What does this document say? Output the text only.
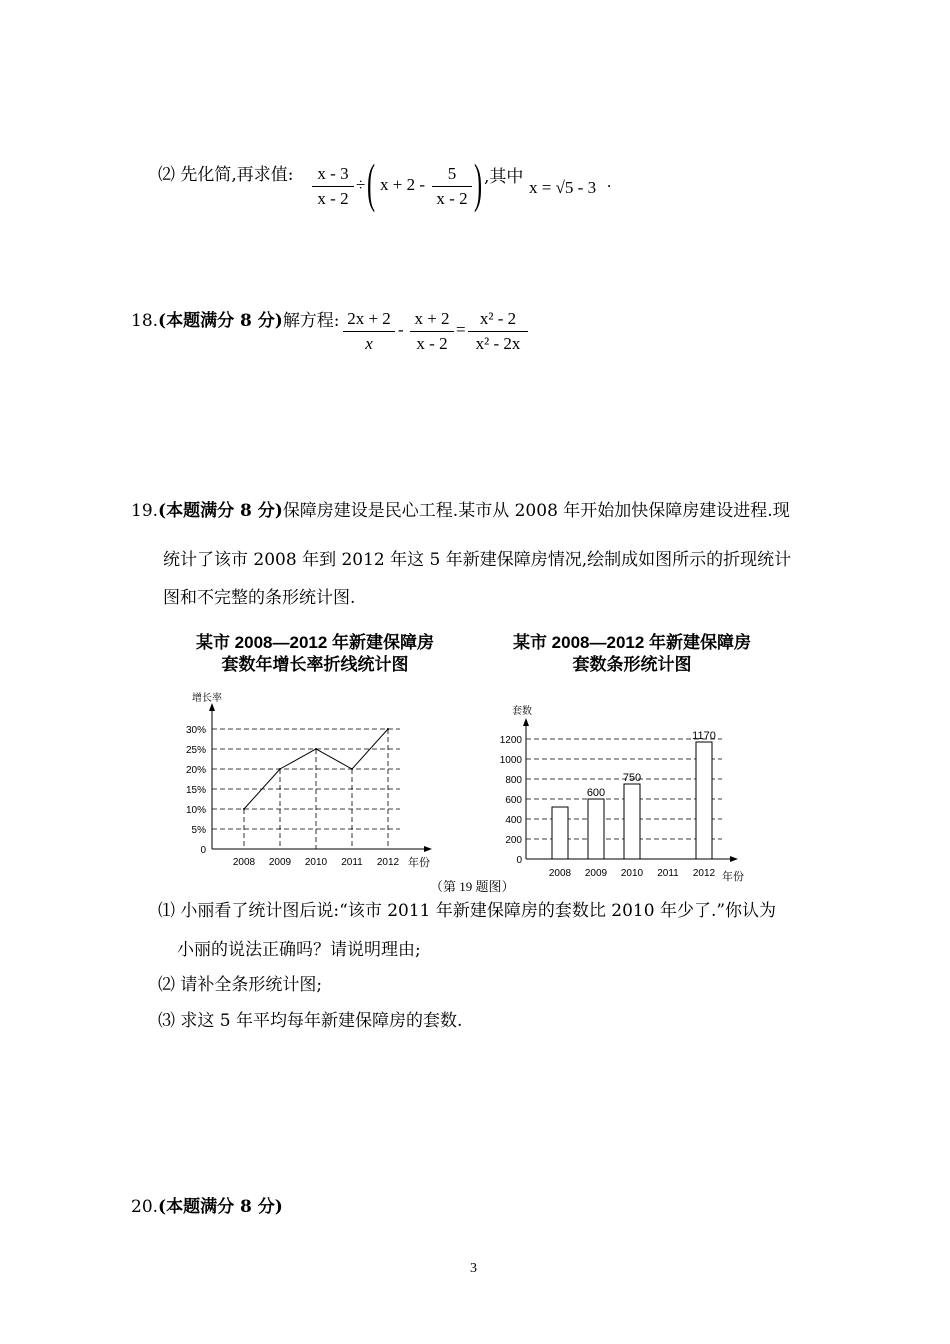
⑵ 先化简,再求值:	x - 3
x - 2
÷ ( x + 2 -
5
x - 2 ) ,其中
x = √5 - 3 .
18.(本题满分 8 分)解方程: 2x + 2
x
-
x + 2
x - 2
=
x² - 2
x² - 2x
19.(本题满分 8 分)保障房建设是民心工程.某市从 2008 年开始加快保障房建设进程.现
统计了该市 2008 年到 2012 年这 5 年新建保障房情况,绘制成如图所示的折现统计
图和不完整的条形统计图.
某市 2008—2012 年新建保障房
套数年增长率折线统计图
某市 2008—2012 年新建保障房
套数条形统计图
增长率
年份
0
5%
10%
15%
20%
25%
30%
2008 2009 2010 2011 2012	0
200
400
600
800
1000
1200
600
750
1170
套数
年份
2008 2009 2010 2011 2012
（第 19 题图）
⑴ 小丽看了统计图后说:“该市 2011 年新建保障房的套数比 2010 年少了.”你认为
小丽的说法正确吗？请说明理由;
⑵ 请补全条形统计图;
⑶ 求这 5 年平均每年新建保障房的套数.
20.(本题满分 8 分)
3
